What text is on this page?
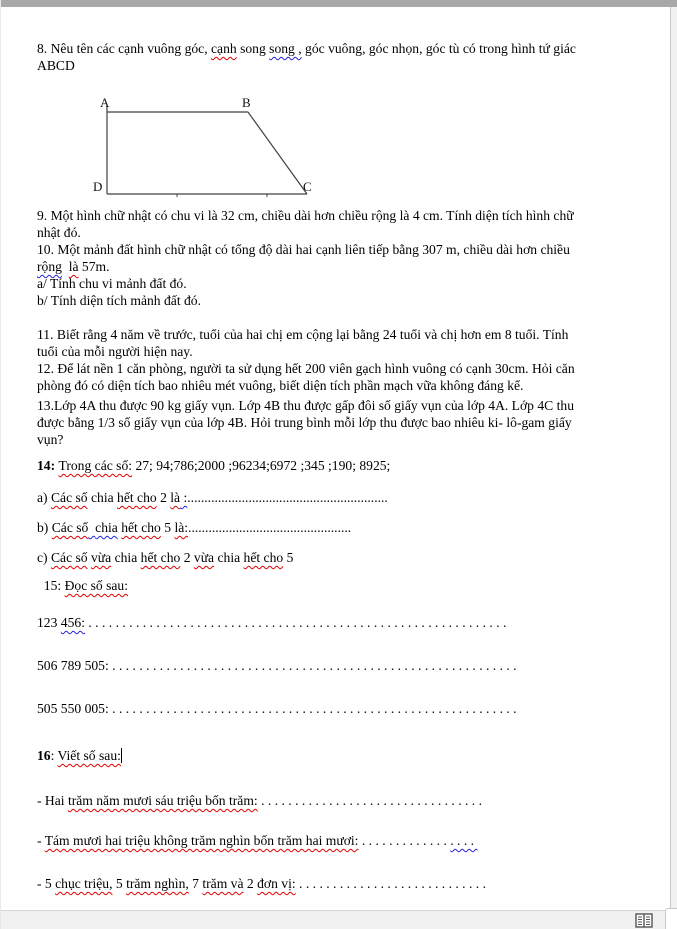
8. Nêu tên các cạnh vuông góc, cạnh song song , góc vuông, góc nhọn, góc tù có trong hình tứ giác

ABCD

A	B
C
D

9. Một hình chữ nhật có chu vi là 32 cm, chiều dài hơn chiều rộng là 4 cm. Tính diện tích hình chữ

nhật đó.

10. Một mảnh đất hình chữ nhật có tổng độ dài hai cạnh liên tiếp bằng 307 m, chiều dài hơn chiều

rộng là 57m.

a/ Tính chu vi mảnh đất đó.

b/ Tính diện tích mảnh đất đó.

11. Biết rằng 4 năm về trước, tuổi của hai chị em cộng lại bằng 24 tuổi và chị hơn em 8 tuổi. Tính

tuổi của mỗi người hiện nay.

12. Để lát nền 1 căn phòng, người ta sử dụng hết 200 viên gạch hình vuông có cạnh 30cm. Hỏi căn

phòng đó có diện tích bao nhiêu mét vuông, biết diện tích phần mạch vữa không đáng kể.

13.Lớp 4A thu được 90 kg giấy vụn. Lớp 4B thu được gấp đôi số giấy vụn của lớp 4A. Lớp 4C thu

được bằng 1/3 số giấy vụn của lớp 4B. Hỏi trung bình mỗi lớp thu được bao nhiêu ki- lô-gam giấy

vụn?

14: Trong các số: 27; 94;786;2000 ;96234;6972 ;345 ;190; 8925;

a) Các số chia hết cho 2 là :...........................................................

b) Các số chia hết cho 5 là:................................................

c) Các số vừa chia hết cho 2 vừa chia hết cho 5

15: Đọc số sau:

123 456: . . . . . . . . . . . . . . . . . . . . . . . . . . . . . . . . . . . . . . . . . . . . . . . . . . . . . . . . . . . . . .

506 789 505: . . . . . . . . . . . . . . . . . . . . . . . . . . . . . . . . . . . . . . . . . . . . . . . . . . . . . . . . . . . .

505 550 005: . . . . . . . . . . . . . . . . . . . . . . . . . . . . . . . . . . . . . . . . . . . . . . . . . . . . . . . . . . . .

16: Viết số sau:

- Hai trăm năm mươi sáu triệu bốn trăm: . . . . . . . . . . . . . . . . . . . . . . . . . . . . . . . . .

- Tám mươi hai triệu không trăm nghìn bốn trăm hai mươi: . . . . . . . . . . . . . . . . .

- 5 chục triệu, 5 trăm nghìn, 7 trăm và 2 đơn vị: . . . . . . . . . . . . . . . . . . . . . . . . . . . .
